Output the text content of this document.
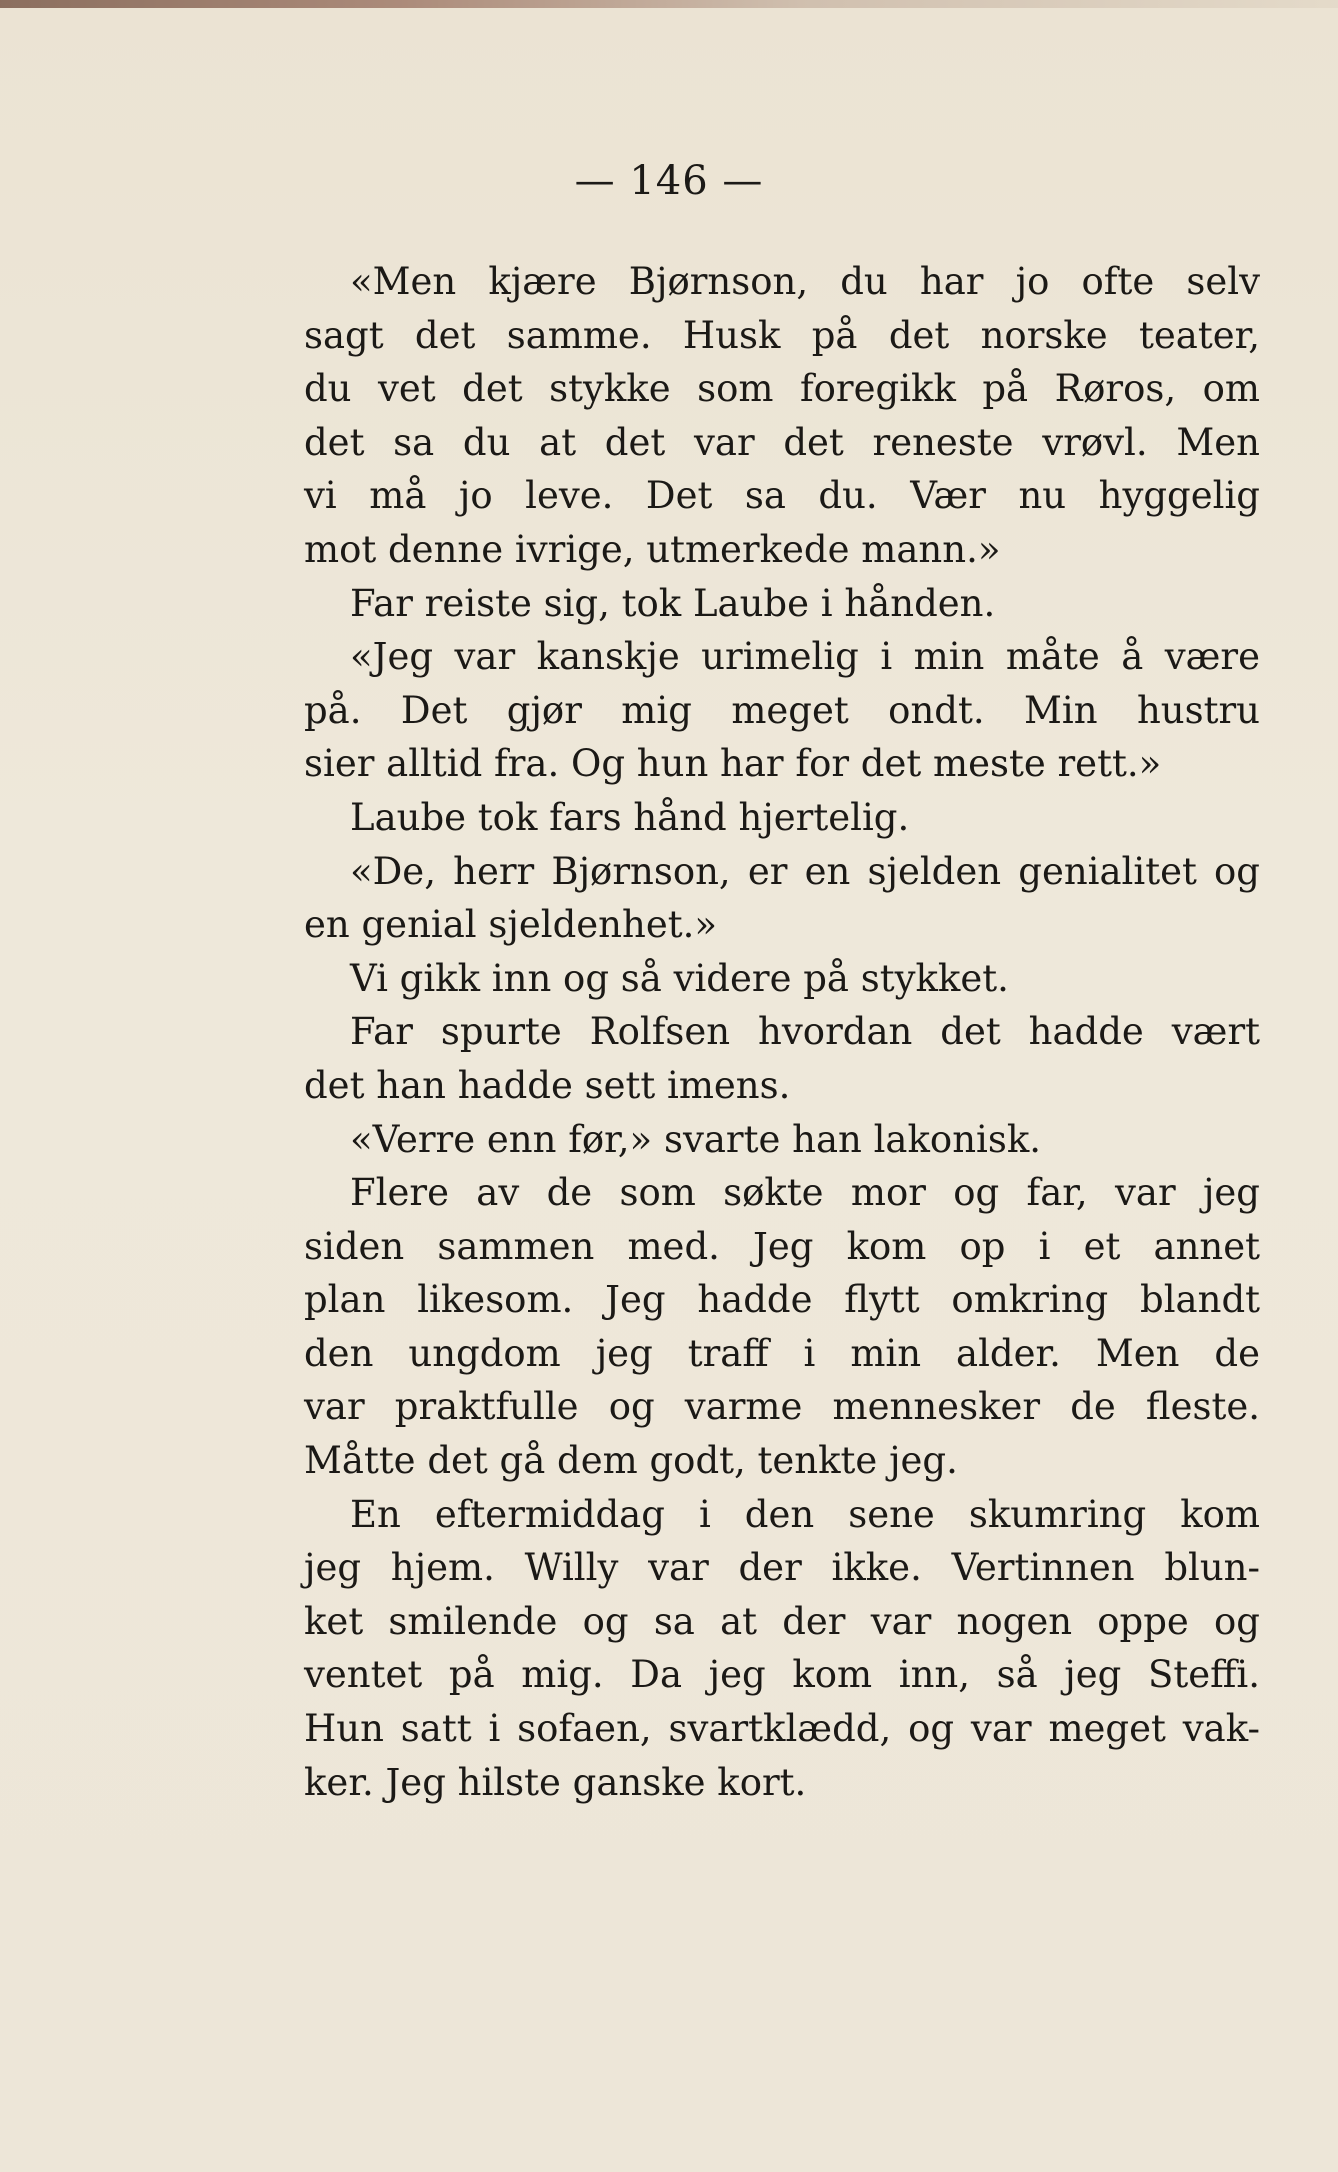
— 146 —
«Men kjære Bjørnson, du har jo ofte selv
sagt det samme. Husk på det norske teater,
du vet det stykke som foregikk på Røros, om
det sa du at det var det reneste vrøvl. Men
vi må jo leve. Det sa du. Vær nu hyggelig
mot denne ivrige, utmerkede mann.»
Far reiste sig, tok Laube i hånden.
«Jeg var kanskje urimelig i min måte å være
på. Det gjør mig meget ondt. Min hustru
sier alltid fra. Og hun har for det meste rett.»
Laube tok fars hånd hjertelig.
«De, herr Bjørnson, er en sjelden genialitet og
en genial sjeldenhet.»
Vi gikk inn og så videre på stykket.
Far spurte Rolfsen hvordan det hadde vært
det han hadde sett imens.
«Verre enn før,» svarte han lakonisk.
Flere av de som søkte mor og far, var jeg
siden sammen med. Jeg kom op i et annet
plan likesom. Jeg hadde flytt omkring blandt
den ungdom jeg traff i min alder. Men de
var praktfulle og varme mennesker de fleste.
Måtte det gå dem godt, tenkte jeg.
En eftermiddag i den sene skumring kom
jeg hjem. Willy var der ikke. Vertinnen blun-
ket smilende og sa at der var nogen oppe og
ventet på mig. Da jeg kom inn, så jeg Steffi.
Hun satt i sofaen, svartklædd, og var meget vak-
ker. Jeg hilste ganske kort.
